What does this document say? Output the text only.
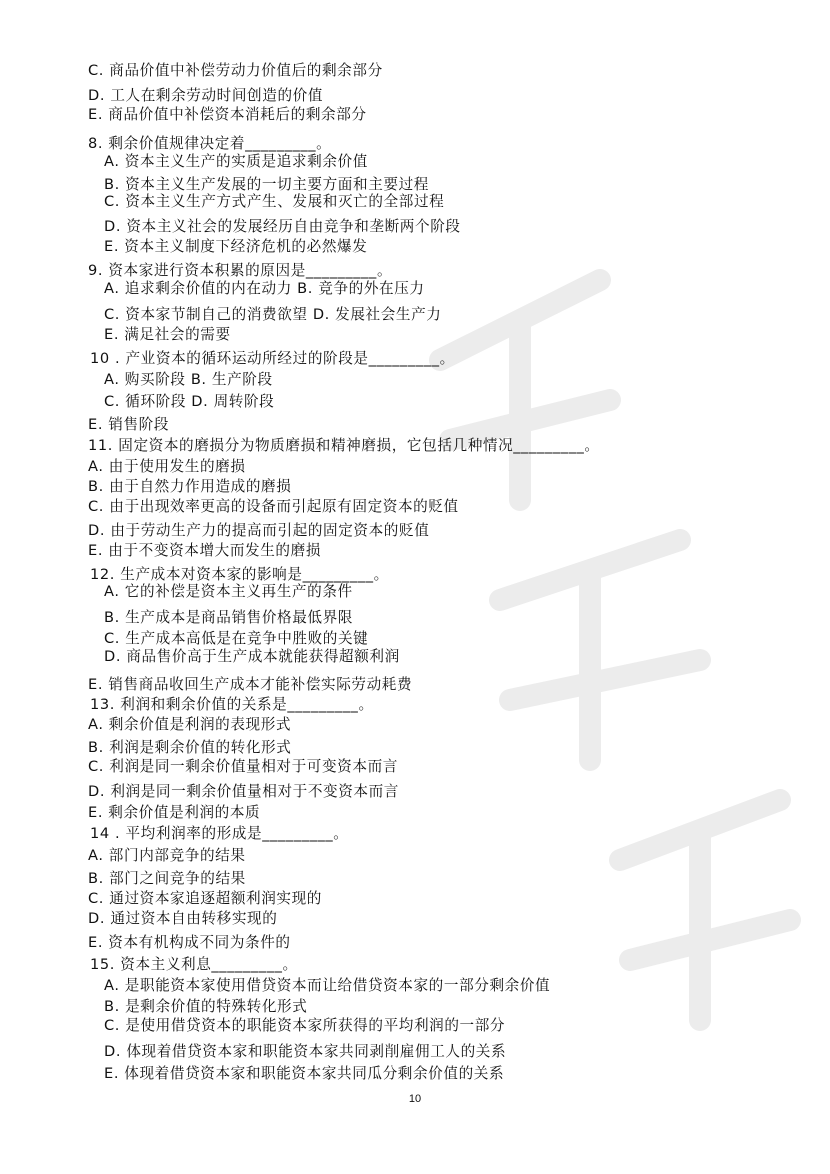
C. 商品价值中补偿劳动力价值后的剩余部分
D. 工人在剩余劳动时间创造的价值
E. 商品价值中补偿资本消耗后的剩余部分
8. 剩余价值规律决定着_________。
A. 资本主义生产的实质是追求剩余价值
B. 资本主义生产发展的一切主要方面和主要过程
C. 资本主义生产方式产生、发展和灭亡的全部过程
D. 资本主义社会的发展经历自由竞争和垄断两个阶段
E. 资本主义制度下经济危机的必然爆发
9. 资本家进行资本积累的原因是_________。
A. 追求剩余价值的内在动力 B. 竞争的外在压力
C. 资本家节制自己的消费欲望 D. 发展社会生产力
E. 满足社会的需要
10 . 产业资本的循环运动所经过的阶段是_________。
A. 购买阶段 B. 生产阶段
C. 循环阶段 D. 周转阶段
E. 销售阶段
11. 固定资本的磨损分为物质磨损和精神磨损，它包括几种情况_________。
A. 由于使用发生的磨损
B. 由于自然力作用造成的磨损
C. 由于出现效率更高的设备而引起原有固定资本的贬值
D. 由于劳动生产力的提高而引起的固定资本的贬值
E. 由于不变资本增大而发生的磨损
12. 生产成本对资本家的影响是_________。
A. 它的补偿是资本主义再生产的条件
B. 生产成本是商品销售价格最低界限
C. 生产成本高低是在竞争中胜败的关键
D. 商品售价高于生产成本就能获得超额利润
E. 销售商品收回生产成本才能补偿实际劳动耗费
13. 利润和剩余价值的关系是_________。
A. 剩余价值是利润的表现形式
B. 利润是剩余价值的转化形式
C. 利润是同一剩余价值量相对于可变资本而言
D. 利润是同一剩余价值量相对于不变资本而言
E. 剩余价值是利润的本质
14 . 平均利润率的形成是_________。
A. 部门内部竞争的结果
B. 部门之间竞争的结果
C. 通过资本家追逐超额利润实现的
D. 通过资本自由转移实现的
E. 资本有机构成不同为条件的
15. 资本主义利息_________。
A. 是职能资本家使用借贷资本而让给借贷资本家的一部分剩余价值
B. 是剩余价值的特殊转化形式
C. 是使用借贷资本的职能资本家所获得的平均利润的一部分
D. 体现着借贷资本家和职能资本家共同剥削雇佣工人的关系
E. 体现着借贷资本家和职能资本家共同瓜分剩余价值的关系
10
